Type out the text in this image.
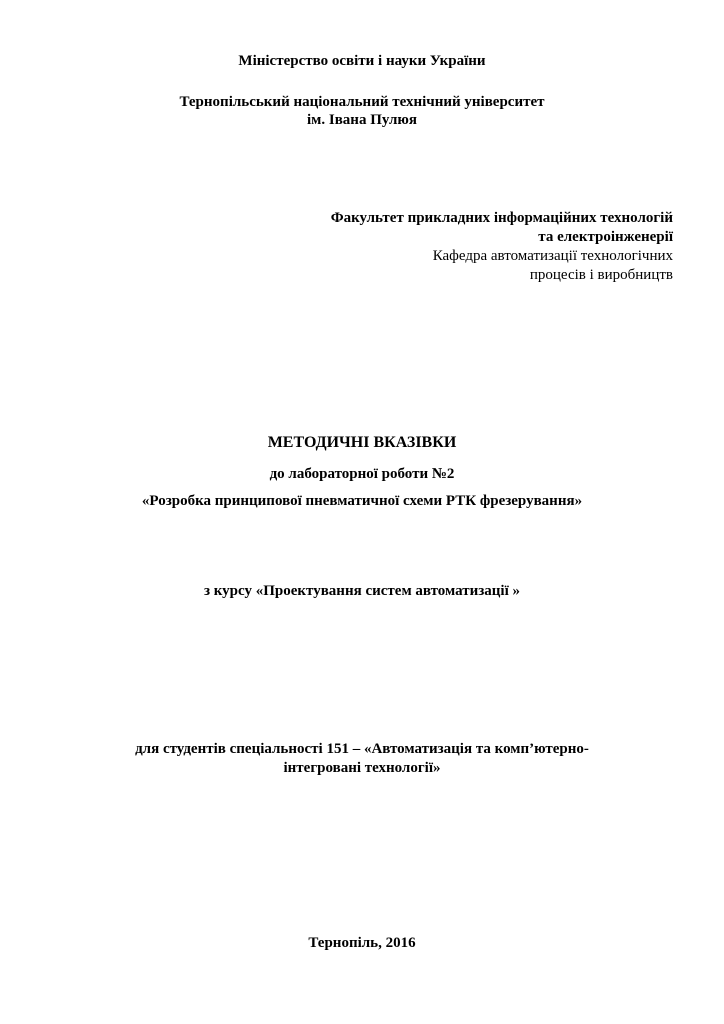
Міністерство освіти і науки України
Тернопільський національний технічний університет
ім. Івана Пулюя
Факультет прикладних інформаційних технологій
та електроінженерії
Кафедра автоматизації технологічних
процесів і виробництв
МЕТОДИЧНІ ВКАЗІВКИ
до лабораторної роботи №2
«Розробка принципової пневматичної схеми РТК фрезерування»
з курсу «Проектування систем автоматизації »
для студентів спеціальності 151 – «Автоматизація та комп’ютерно-
інтегровані технології»
Тернопіль, 2016
